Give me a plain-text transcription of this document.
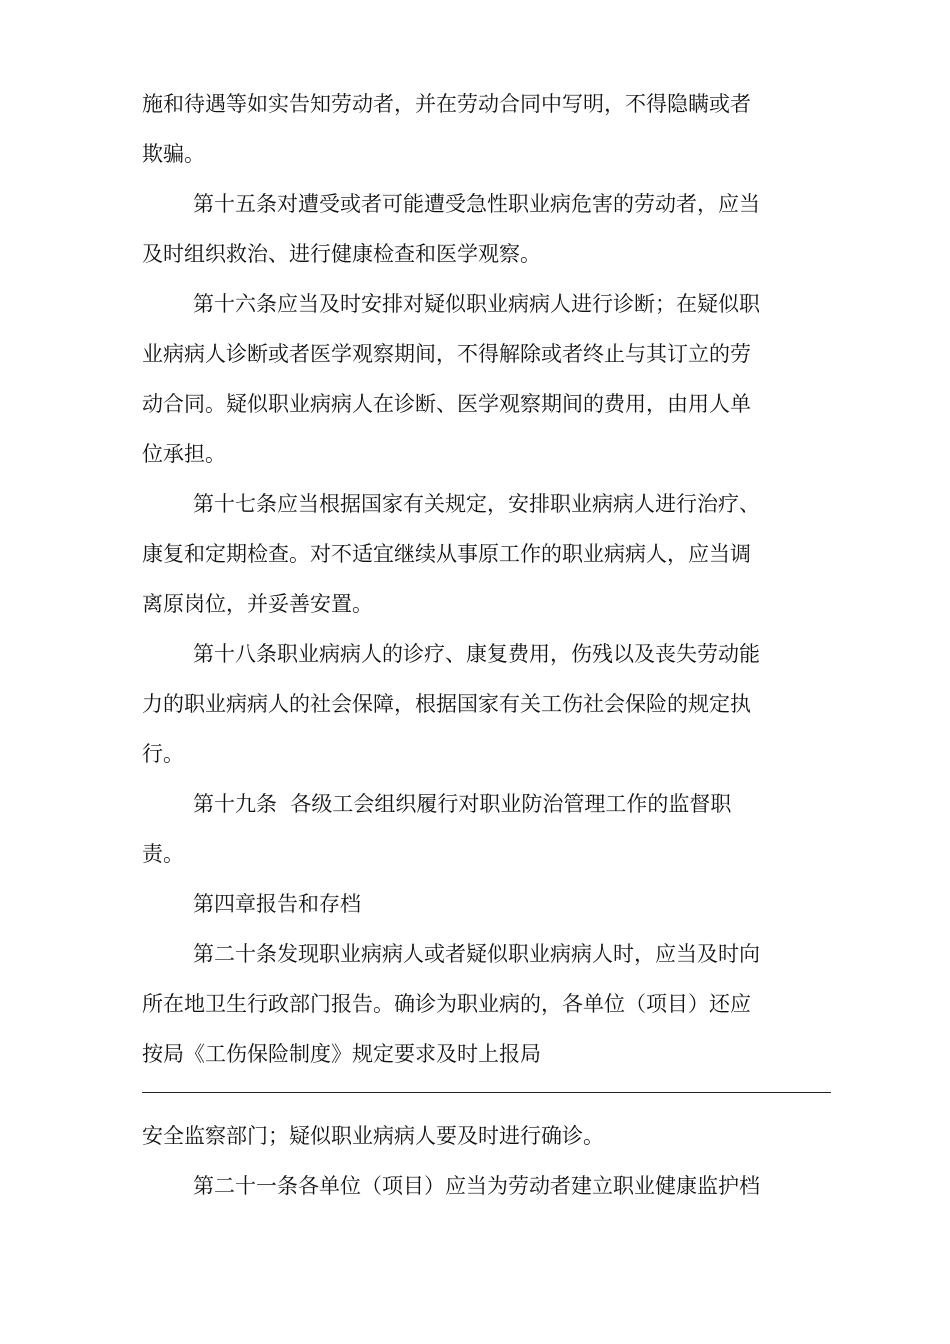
施和待遇等如实告知劳动者，并在劳动合同中写明，不得隐瞒或者
欺骗。
第十五条对遭受或者可能遭受急性职业病危害的劳动者，应当
及时组织救治、进行健康检查和医学观察。
第十六条应当及时安排对疑似职业病病人进行诊断；在疑似职
业病病人诊断或者医学观察期间，不得解除或者终止与其订立的劳
动合同。疑似职业病病人在诊断、医学观察期间的费用，由用人单
位承担。
第十七条应当根据国家有关规定，安排职业病病人进行治疗、
康复和定期检查。对不适宜继续从事原工作的职业病病人，应当调
离原岗位，并妥善安置。
第十八条职业病病人的诊疗、康复费用，伤残以及丧失劳动能
力的职业病病人的社会保障，根据国家有关工伤社会保险的规定执
行。
第十九条  各级工会组织履行对职业防治管理工作的监督职
责。
第四章报告和存档
第二十条发现职业病病人或者疑似职业病病人时，应当及时向
所在地卫生行政部门报告。确诊为职业病的，各单位（项目）还应
按局《工伤保险制度》规定要求及时上报局
安全监察部门；疑似职业病病人要及时进行确诊。
第二十一条各单位（项目）应当为劳动者建立职业健康监护档
